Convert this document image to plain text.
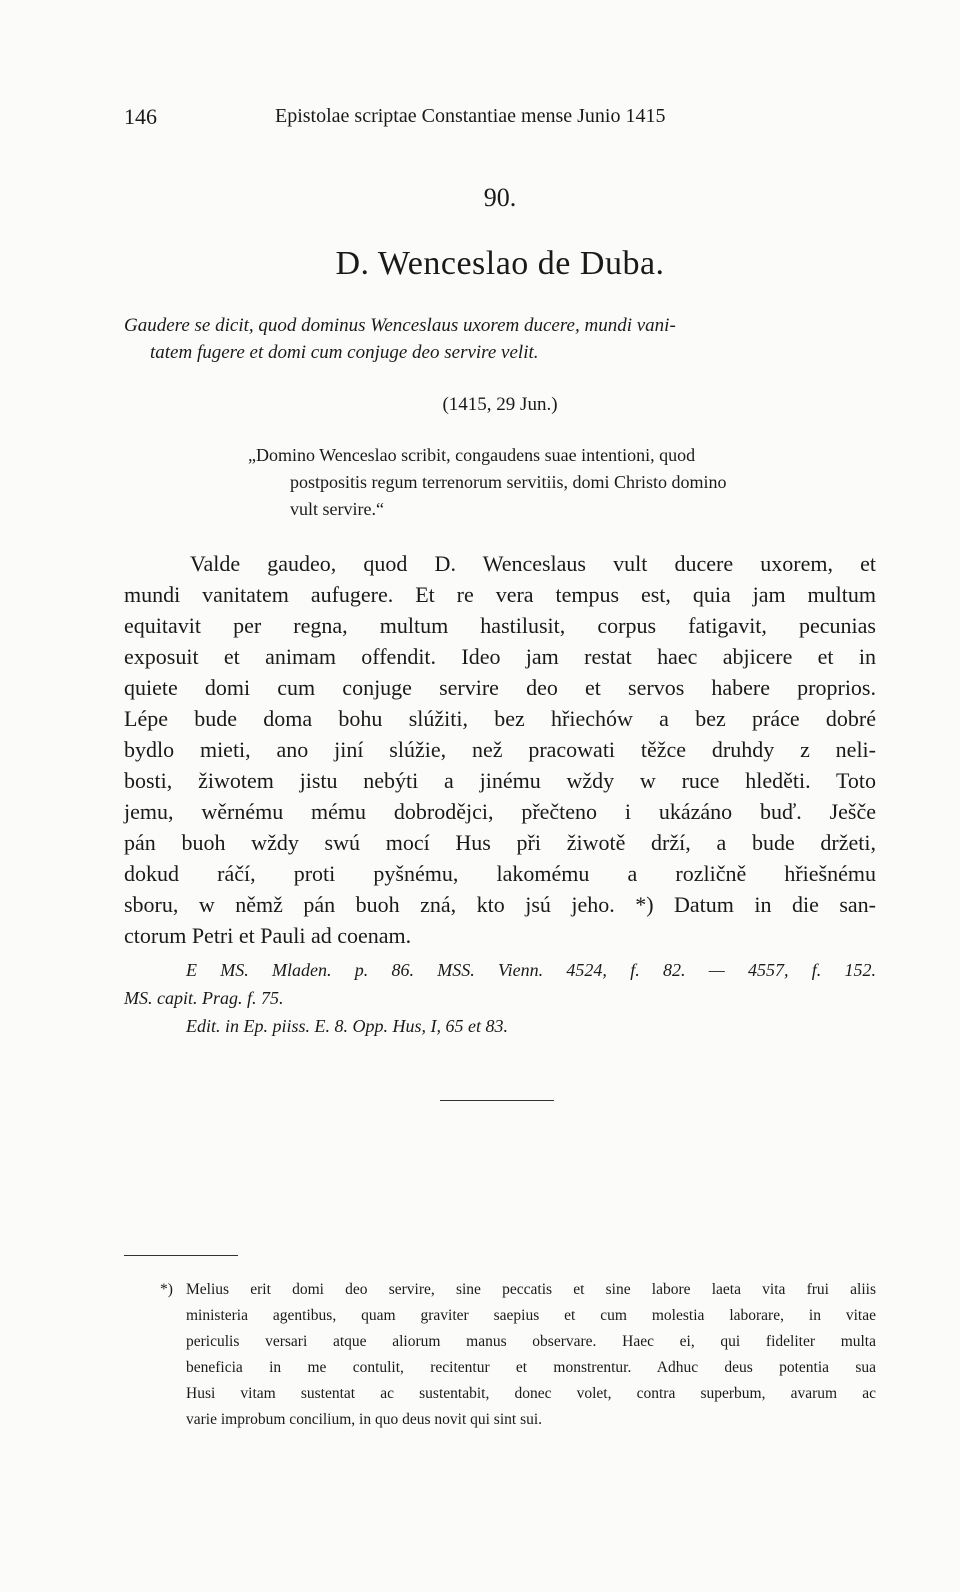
146	Epistolae scriptae Constantiae mense Junio 1415
90.
D. Wenceslao de Duba.
Gaudere se dicit, quod dominus Wenceslaus uxorem ducere, mundi vani-
tatem fugere et domi cum conjuge deo servire velit.
(1415, 29 Jun.)
„Domino Wenceslao scribit, congaudens suae intentioni, quod
postpositis regum terrenorum servitiis, domi Christo domino
vult servire.“
Valde gaudeo, quod D. Wenceslaus vult ducere uxorem, et
mundi vanitatem aufugere. Et re vera tempus est, quia jam multum
equitavit per regna, multum hastilusit, corpus fatigavit, pecunias
exposuit et animam offendit. Ideo jam restat haec abjicere et in
quiete domi cum conjuge servire deo et servos habere proprios.
Lépe bude doma bohu slúžiti, bez hřiechów a bez práce dobré
bydlo mieti, ano jiní slúžie, než pracowati těžce druhdy z neli-
bosti, žiwotem jistu nebýti a jinému wždy w ruce hleděti. Toto
jemu, wěrnému mému dobrodějci, přečteno i ukázáno buď. Ješče
pán buoh wždy swú mocí Hus při žiwotě drží, a bude držeti,
dokud ráčí, proti pyšnému, lakomému a rozličně hřiešnému
sboru, w němž pán buoh zná, kto jsú jeho. *) Datum in die san-
ctorum Petri et Pauli ad coenam.
E MS. Mladen. p. 86. MSS. Vienn. 4524, f. 82. — 4557, f. 152.
MS. capit. Prag. f. 75.
Edit. in Ep. piiss. E. 8. Opp. Hus, I, 65 et 83.
*) Melius erit domi deo servire, sine peccatis et sine labore laeta vita frui aliis
ministeria agentibus, quam graviter saepius et cum molestia laborare, in vitae
periculis versari atque aliorum manus observare. Haec ei, qui fideliter multa
beneficia in me contulit, recitentur et monstrentur. Adhuc deus potentia sua
Husi vitam sustentat ac sustentabit, donec volet, contra superbum, avarum ac
varie improbum concilium, in quo deus novit qui sint sui.
